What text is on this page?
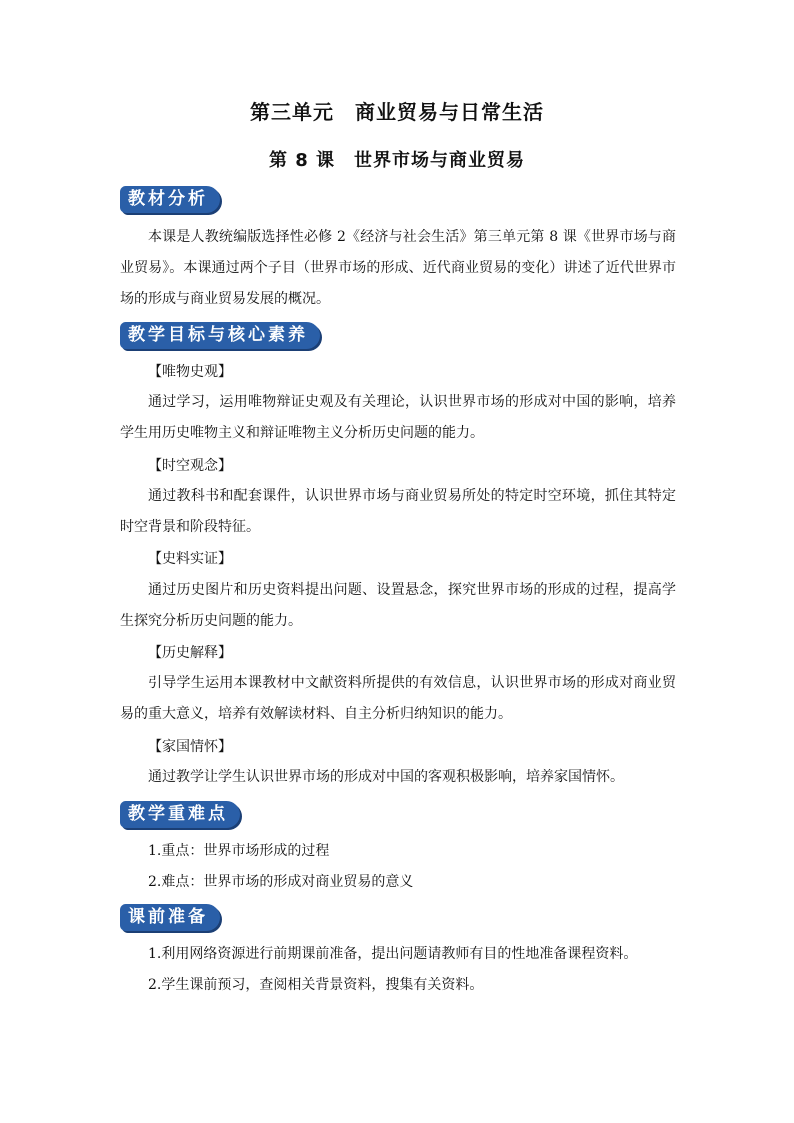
第三单元　商业贸易与日常生活
第 8 课　世界市场与商业贸易
教材分析
本课是人教统编版选择性必修 2《经济与社会生活》第三单元第 8 课《世界市场与商业贸易》。本课通过两个子目（世界市场的形成、近代商业贸易的变化）讲述了近代世界市场的形成与商业贸易发展的概况。
教学目标与核心素养
【唯物史观】
通过学习，运用唯物辩证史观及有关理论，认识世界市场的形成对中国的影响，培养学生用历史唯物主义和辩证唯物主义分析历史问题的能力。
【时空观念】
通过教科书和配套课件，认识世界市场与商业贸易所处的特定时空环境，抓住其特定时空背景和阶段特征。
【史料实证】
通过历史图片和历史资料提出问题、设置悬念，探究世界市场的形成的过程，提高学生探究分析历史问题的能力。
【历史解释】
引导学生运用本课教材中文献资料所提供的有效信息，认识世界市场的形成对商业贸易的重大意义，培养有效解读材料、自主分析归纳知识的能力。
【家国情怀】
通过教学让学生认识世界市场的形成对中国的客观积极影响，培养家国情怀。
教学重难点
1.重点：世界市场形成的过程
2.难点：世界市场的形成对商业贸易的意义
课前准备
1.利用网络资源进行前期课前准备，提出问题请教师有目的性地准备课程资料。
2.学生课前预习，查阅相关背景资料，搜集有关资料。
